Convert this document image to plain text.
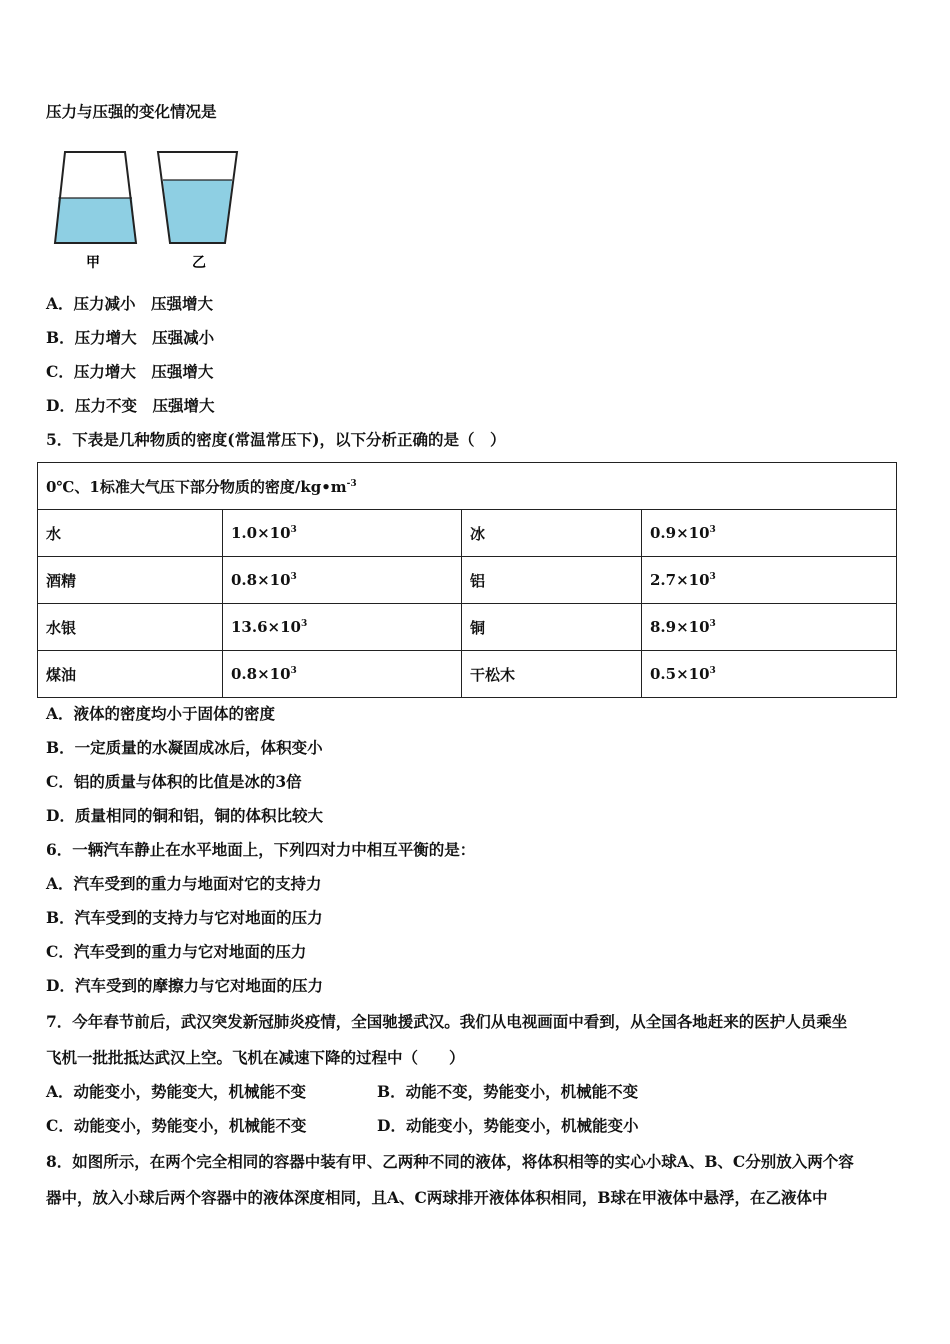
压力与压强的变化情况是
甲	乙
A．压力减小　压强增大
B．压力增大　压强减小
C．压力增大　压强增大
D．压力不变　压强增大
5．下表是几种物质的密度(常温常压下)，以下分析正确的是（　）
0℃、1标准大气压下部分物质的密度$/kg•m^{-3}$
水	$1.0\times 10^3$	冰	$0.9\times 10^3$
酒精	$0.8\times 10^3$	铝	$2.7\times 10^3$
水银	$13.6\times 10^3$	铜	$8.9\times 10^3$
煤油	$0.8\times 10^3$	干松木	$0.5\times 10^3$
A．液体的密度均小于固体的密度
B．一定质量的水凝固成冰后，体积变小
C．铝的质量与体积的比值是冰的3倍
D．质量相同的铜和铝，铜的体积比较大
6．一辆汽车静止在水平地面上，下列四对力中相互平衡的是：
A．汽车受到的重力与地面对它的支持力
B．汽车受到的支持力与它对地面的压力
C．汽车受到的重力与它对地面的压力
D．汽车受到的摩擦力与它对地面的压力
7．今年春节前后，武汉突发新冠肺炎疫情，全国驰援武汉。我们从电视画面中看到，从全国各地赶来的医护人员乘坐
飞机一批批抵达武汉上空。飞机在减速下降的过程中（　　）
A．动能变小，势能变大，机械能不变	B．动能不变，势能变小，机械能不变
C．动能变小，势能变小，机械能不变	D．动能变小，势能变小，机械能变小
8．如图所示，在两个完全相同的容器中装有甲、乙两种不同的液体，将体积相等的实心小球A、B、C分别放入两个容
器中，放入小球后两个容器中的液体深度相同，且A、C两球排开液体体积相同，B球在甲液体中悬浮，在乙液体中
